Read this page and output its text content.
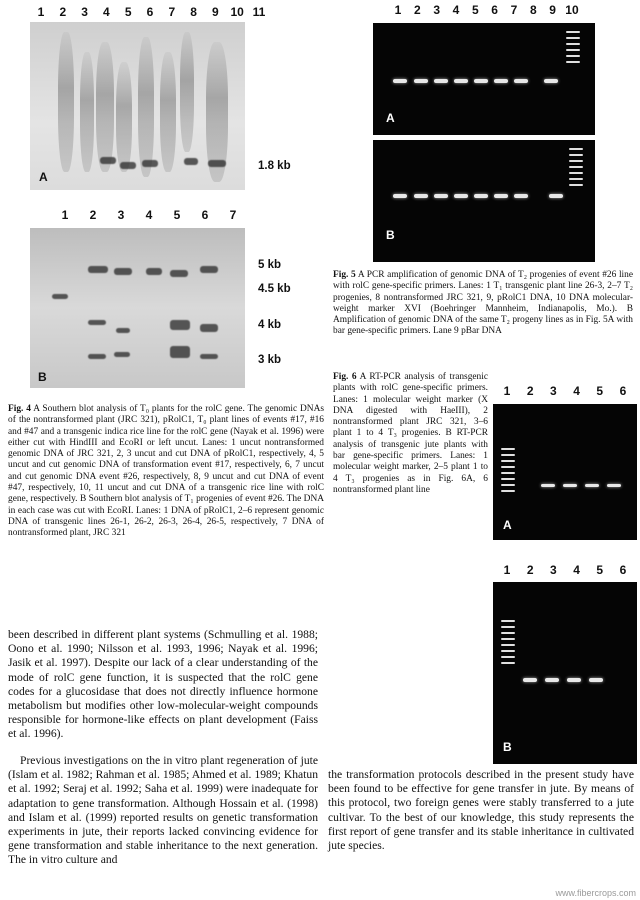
1	2	3	4	5	6	7	8	9 10 11
A
1.8 kb
1	2	3	4	5	6	7
B
5 kb
4.5 kb
4 kb
3 kb
Fig. 4 A Southern blot analysis of T₀ plants for the rolC gene. The genomic DNAs of the nontransformed plant (JRC 321), pRolC1, T₀ plant lines of events #17, #16 and #47 and a transgenic indica rice line for the rolC gene (Nayak et al. 1996) were either cut with HindIII and EcoRI or left uncut. Lanes: 1 uncut nontransformed genomic DNA of JRC 321, 2, 3 uncut and cut DNA of pRolC1, respectively, 4, 5 uncut and cut genomic DNA of transformation event #17, respectively, 6, 7 uncut and cut genomic DNA event #26, respectively, 8, 9 uncut and cut DNA of event #47, respectively, 10, 11 uncut and cut DNA of a transgenic rice line with rolC gene, respectively. B Southern blot analysis of T₁ progenies of event #26. The DNA in each case was cut with EcoRI. Lanes: 1 DNA of pRolC1, 2–6 represent genomic DNA of transgenic lines 26-1, 26-2, 26-3, 26-4, 26-5, respectively, 7 DNA of nontransformed plant, JRC 321
1	2	3	4	5	6	7	8	9 10
A
B
Fig. 5 A PCR amplification of genomic DNA of T₂ progenies of event #26 line with rolC gene-specific primers. Lanes: 1 T₁ transgenic plant line 26-3, 2–7 T₂ progenies, 8 nontransformed JRC 321, 9, pRolC1 DNA, 10 DNA molecular-weight marker XVI (Boehringer Mannheim, Indianapolis, Mo.). B Amplification of genomic DNA of the same T₂ progeny lines as in Fig. 5A with bar gene-specific primers. Lane 9 pBar DNA
Fig. 6 A RT-PCR analysis of transgenic plants with rolC gene-specific primers. Lanes: 1 molecular weight marker (X DNA digested with HaeIII), 2 nontransformed plant JRC 321, 3–6 plant 1 to 4 T₃ progenies. B RT-PCR analysis of transgenic jute plants with bar gene-specific primers. Lanes: 1 molecular weight marker, 2–5 plant 1 to 4 T₃ progenies as in Fig. 6A, 6 nontransformed plant line
1	2	3	4	5	6
A
1	2	3	4	5	6
B
been described in different plant systems (Schmulling et al. 1988; Oono et al. 1990; Nilsson et al. 1993, 1996; Nayak et al. 1996; Jasik et al. 1997). Despite our lack of a clear understanding of the mode of rolC gene function, it is suspected that the rolC gene codes for a glucosidase that does not directly influence hormone metabolism but modifies other low-molecular-weight compounds responsible for hormone-like effects on plant development (Faiss et al. 1996).
Previous investigations on the in vitro plant regeneration of jute (Islam et al. 1982; Rahman et al. 1985; Ahmed et al. 1989; Khatun et al. 1992; Seraj et al. 1992; Saha et al. 1999) were inadequate for adaptation to gene transformation. Although Hossain et al. (1998) and Islam et al. (1999) reported results on genetic transformation experiments in jute, their reports lacked convincing evidence for gene transformation and stable inheritance to the next generation. The in vitro culture and
the transformation protocols described in the present study have been found to be effective for gene transfer in jute. By means of this protocol, two foreign genes were stably transferred to a jute cultivar. To the best of our knowledge, this study represents the first report of gene transfer and its stable inheritance in cultivated jute species.
www.fibercrops.com
